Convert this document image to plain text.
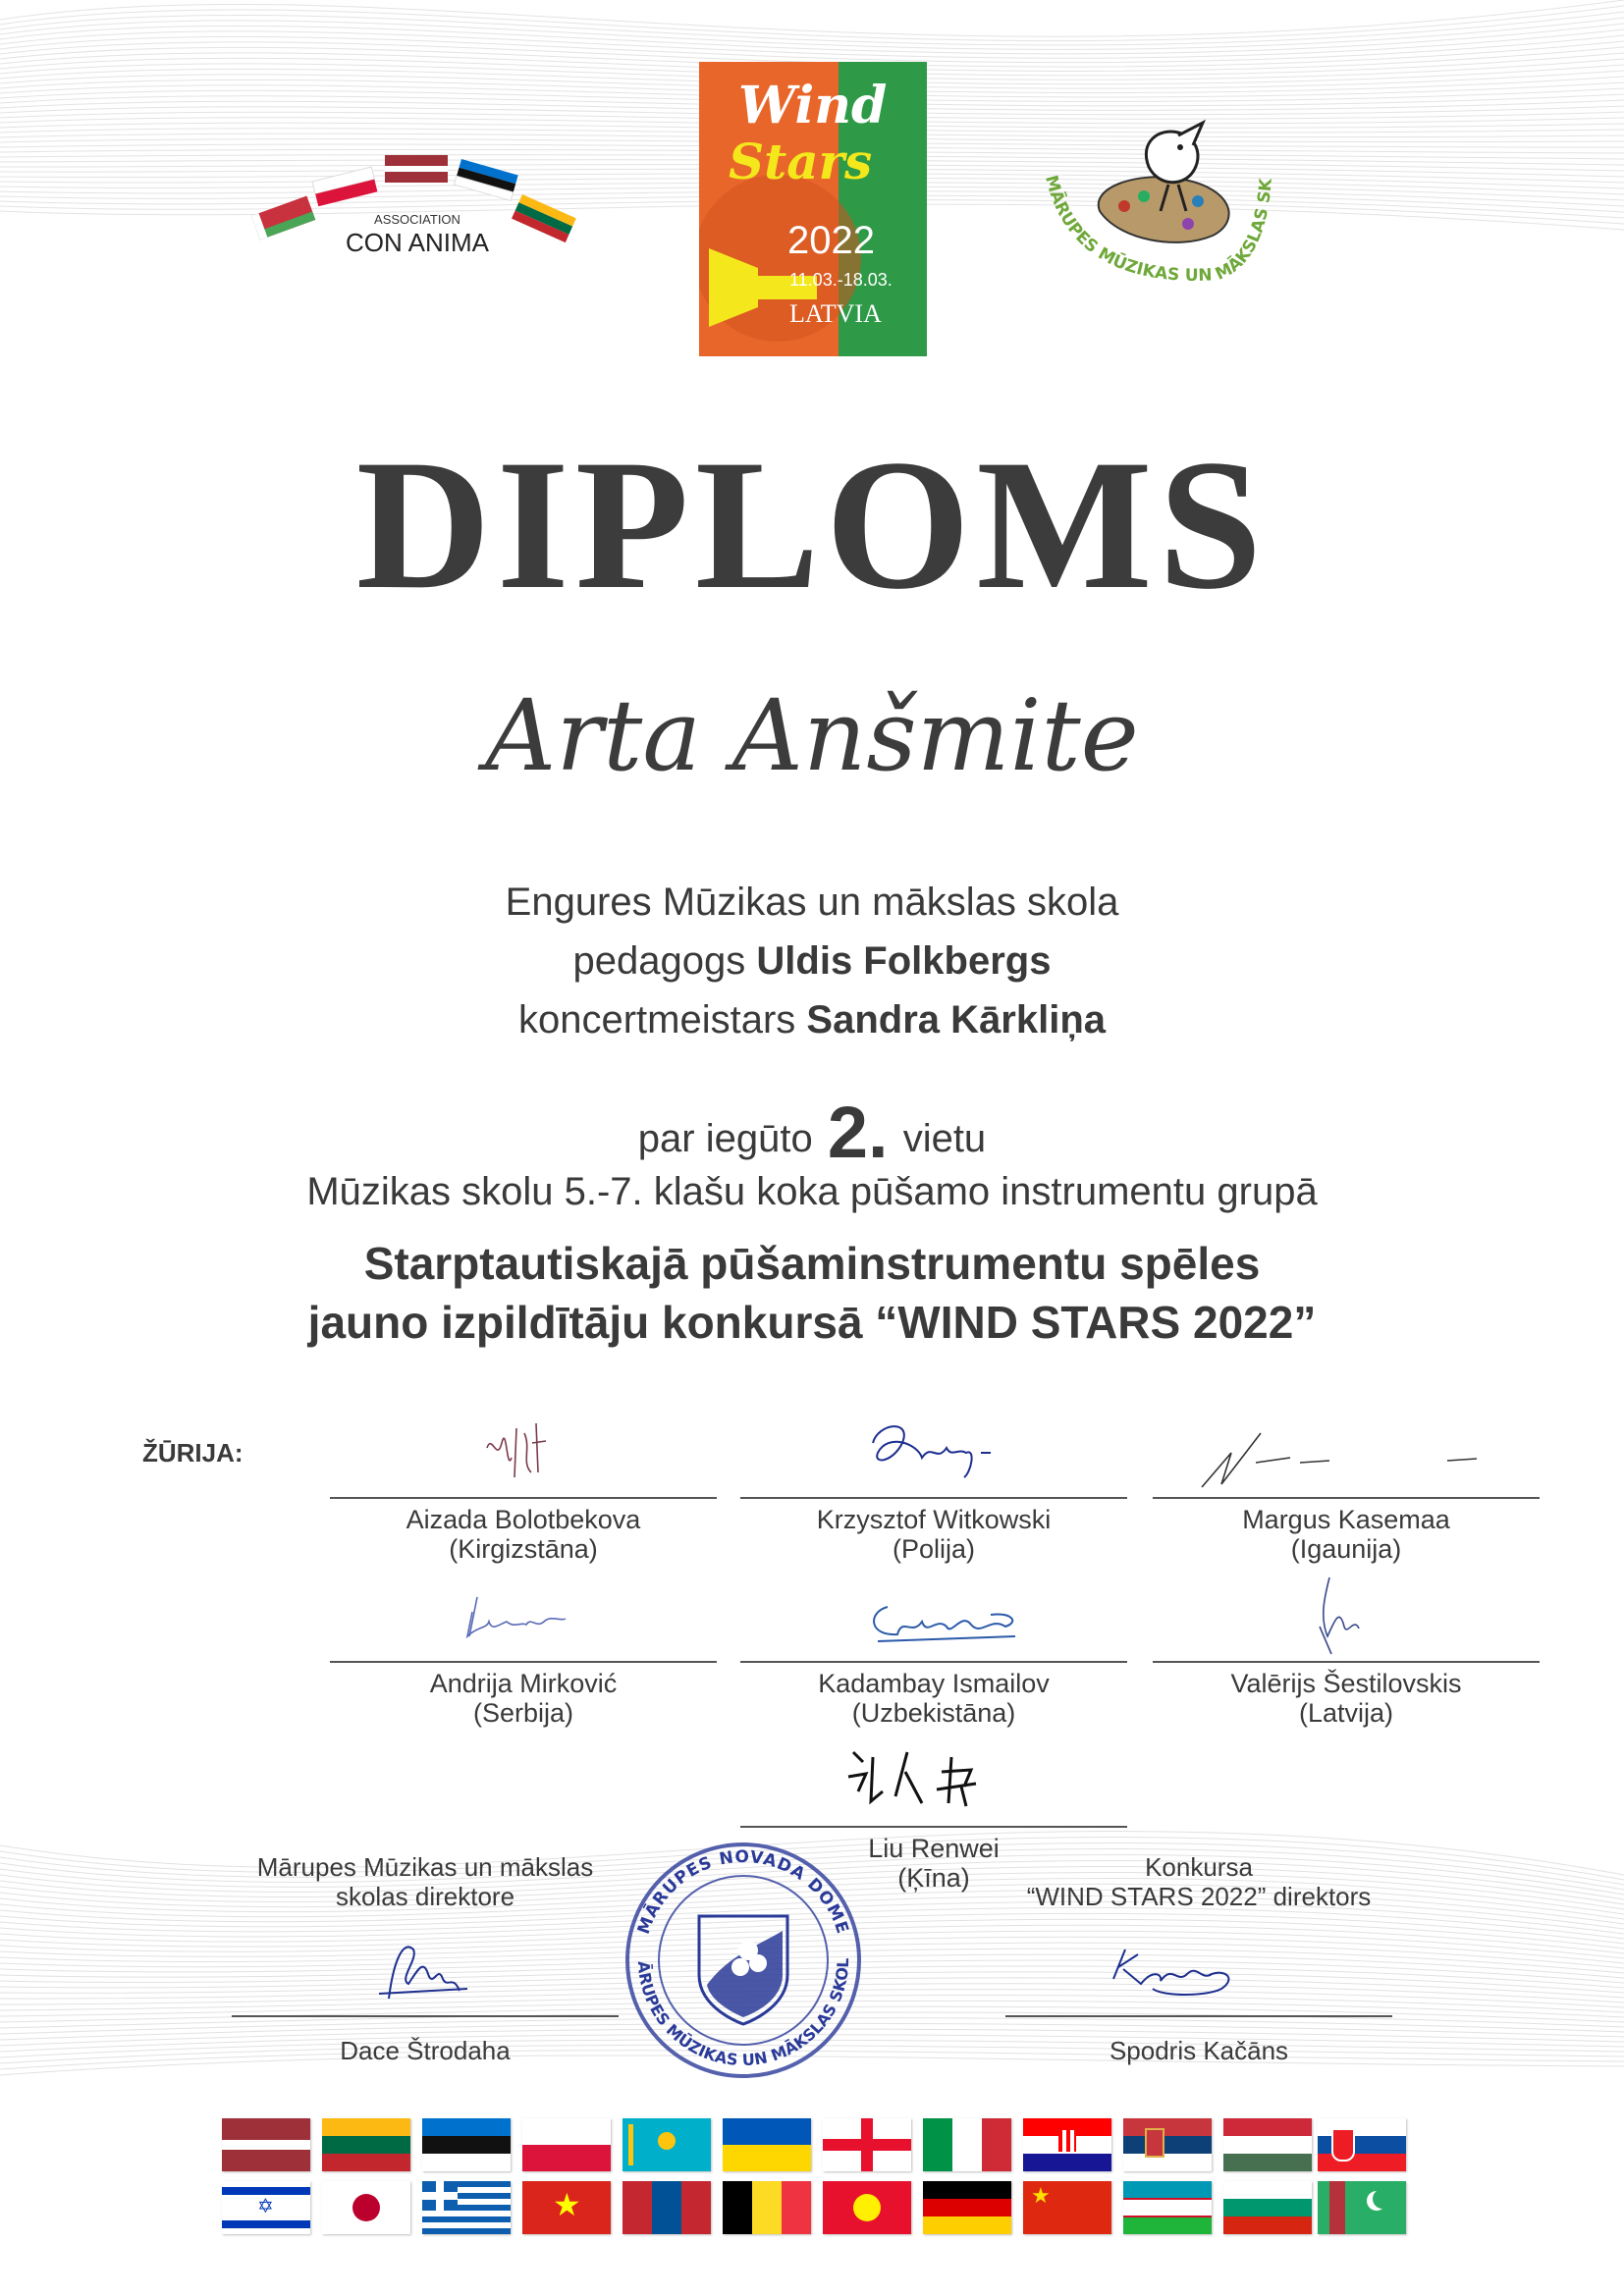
ASSOCIATION
CON ANIMA
Wind
Stars
2022
11.03.-18.03.
LATVIA
MĀRUPES MŪZIKAS UN MĀKSLAS SK
DIPLOMS
Arta Anšmite
Engures Mūzikas un mākslas skola
pedagogs Uldis Folkbergs
koncertmeistars Sandra Kārkliņa
par iegūto 2. vietu
Mūzikas skolu 5.-7. klašu koka pūšamo instrumentu grupā
Starptautiskajā pūšaminstrumentu spēles
jauno izpildītāju konkursā “WIND STARS 2022”
ŽŪRIJA:
Aizada Bolotbekova
(Kirgizstāna)
Krzysztof Witkowski
(Polija)
Margus Kasemaa
(Igaunija)
Andrija Mirković
(Serbija)
Kadambay Ismailov
(Uzbekistāna)
Valērijs Šestilovskis
(Latvija)
Liu Renwei
(Ķīna)
Mārupes Mūzikas un mākslas
skolas direktore
Dace Štrodaha
Konkursa
“WIND STARS 2022” direktors
Spodris Kačāns
MĀRUPES NOVADA DOME
ĀRUPES MŪZIKAS UN MĀKSLAS SKOL
✡	★	★
